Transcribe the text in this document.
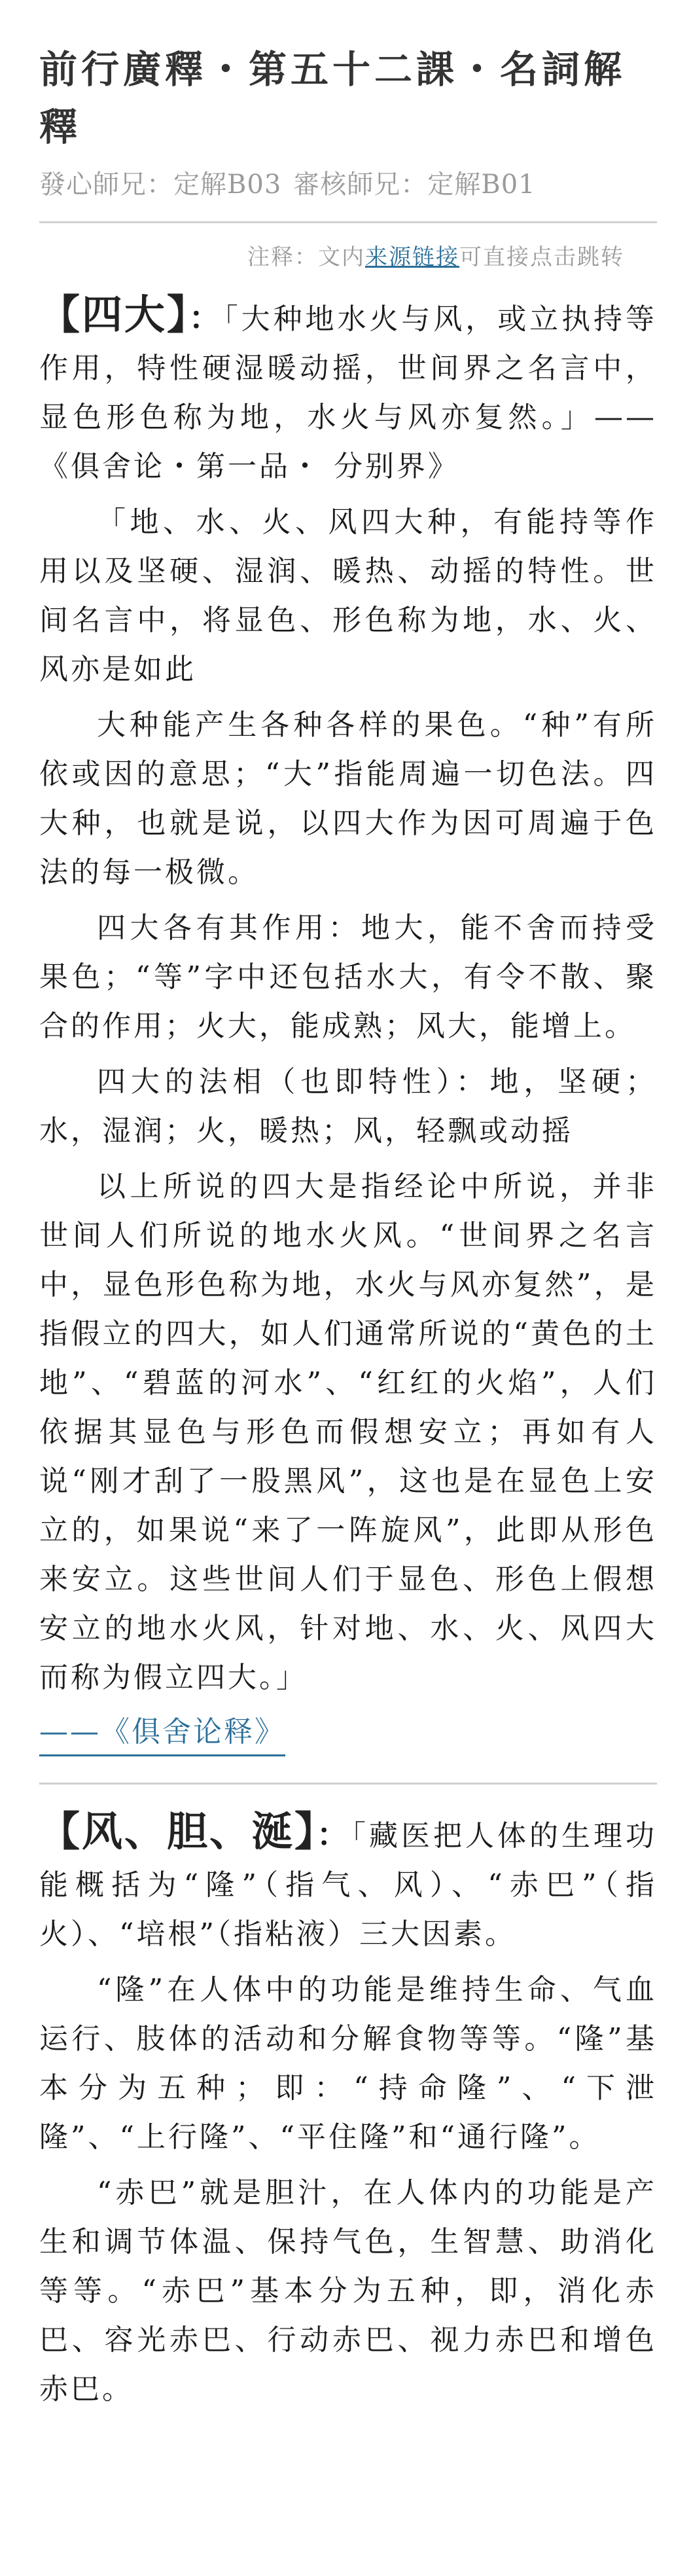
前行廣釋・第五十二課・名詞解釋
發心師兄：定解B03 審核師兄：定解B01
注释：文内来源链接可直接点击跳转

【四大】：「大种地水火与风，或立执持等作用，特性硬湿暖动摇，世间界之名言中，显色形色称为地，水火与风亦复然。」——《俱舍论・第一品・ 分别界》

「地、水、火、风四大种，有能持等作用以及坚硬、湿润、暖热、动摇的特性。世间名言中，将显色、形色称为地，水、火、风亦是如此

大种能产生各种各样的果色。“种”有所依或因的意思；“大”指能周遍一切色法。四大种，也就是说，以四大作为因可周遍于色法的每一极微。

四大各有其作用：地大，能不舍而持受果色；“等”字中还包括水大，有令不散、聚合的作用；火大，能成熟；风大，能增上。

四大的法相（也即特性）：地，坚硬；水，湿润；火，暖热；风，轻飘或动摇

以上所说的四大是指经论中所说，并非世间人们所说的地水火风。“世间界之名言中，显色形色称为地，水火与风亦复然”，是指假立的四大，如人们通常所说的“黄色的土地”、“碧蓝的河水”、“红红的火焰”，人们依据其显色与形色而假想安立；再如有人说“刚才刮了一股黑风”，这也是在显色上安立的，如果说“来了一阵旋风”，此即从形色来安立。这些世间人们于显色、形色上假想安立的地水火风，针对地、水、火、风四大而称为假立四大。」

——《俱舍论释》

【风、胆、涎】：「藏医把人体的生理功能概括为“隆”（指气、风）、“赤巴”（指火）、“培根”（指粘液）三大因素。

“隆”在人体中的功能是维持生命、气血运行、肢体的活动和分解食物等等。“隆”基本分为五种；即：“持命隆”、“下泄隆”、“上行隆”、“平住隆”和“通行隆”。

“赤巴”就是胆汁，在人体内的功能是产生和调节体温、保持气色，生智慧、助消化等等。“赤巴”基本分为五种，即，消化赤巴、容光赤巴、行动赤巴、视力赤巴和增色赤巴。
